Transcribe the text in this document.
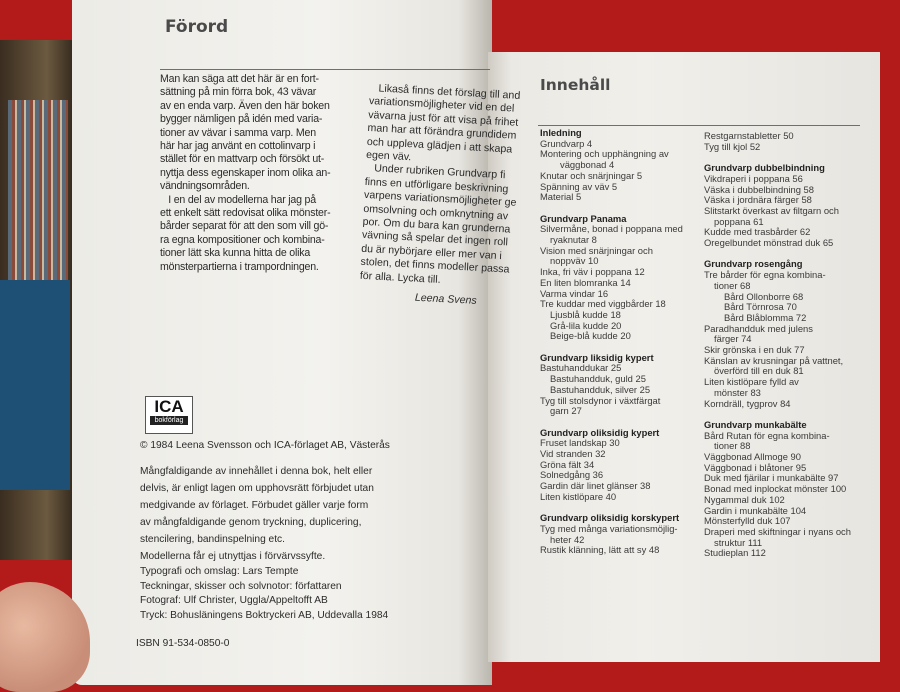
Förord
Man kan säga att det här är en fort-
sättning på min förra bok, 43 vävar
av en enda varp. Även den här boken
bygger nämligen på idén med varia-
tioner av vävar i samma varp. Men
här har jag använt en cottolinvarp i
stället för en mattvarp och försökt ut-
nyttja dess egenskaper inom olika an-
vändningsområden.
I en del av modellerna har jag på
ett enkelt sätt redovisat olika mönster-
bårder separat för att den som vill gö-
ra egna kompositioner och kombina-
tioner lätt ska kunna hitta de olika
mönsterpartierna i trampordningen.
Likaså finns det förslag till and
variationsmöjligheter vid en del
vävarna just för att visa på frihet
man har att förändra grundidem
och uppleva glädjen i att skapa
egen väv.
Under rubriken Grundvarp fi
finns en utförligare beskrivning
varpens variationsmöjligheter ge
omsolvning och omknytning av
por. Om du bara kan grunderna
vävning så spelar det ingen roll
du är nybörjare eller mer van i
stolen, det finns modeller passa
för alla. Lycka till.

Leena Svens
ICA
bokförlag
© 1984 Leena Svensson och ICA-förlaget AB, Västerås
Mångfaldigande av innehållet i denna bok, helt eller
delvis, är enligt lagen om upphovsrätt förbjudet utan
medgivande av förlaget. Förbudet gäller varje form
av mångfaldigande genom tryckning, duplicering,
stencilering, bandinspelning etc.
Modellerna får ej utnyttjas i förvärvssyfte.
Typografi och omslag: Lars Tempte
Teckningar, skisser och solvnotor: författaren
Fotograf: Ulf Christer, Uggla/Appeltofft AB
Tryck: Bohusläningens Boktryckeri AB, Uddevalla 1984
ISBN 91-534-0850-0
Innehåll
Inledning
Grundvarp 4
Montering och upphängning av
väggbonad 4
Knutar och snärjningar 5
Spänning av väv 5
Material 5
Grundvarp Panama
Silvermåne, bonad i poppana med
ryaknutar 8
Vision med snärjningar och
noppväv 10
Inka, fri väv i poppana 12
En liten blomranka 14
Varma vindar 16
Tre kuddar med viggbårder 18
Ljusblå kudde 18
Grå-lila kudde 20
Beige-blå kudde 20
Grundvarp liksidig kypert
Bastuhanddukar 25
Bastuhandduk, guld 25
Bastuhandduk, silver 25
Tyg till stolsdynor i växtfärgat
garn 27
Grundvarp oliksidig kypert
Fruset landskap 30
Vid stranden 32
Gröna fält 34
Solnedgång 36
Gardin där linet glänser 38
Liten kistlöpare 40
Grundvarp oliksidig korskypert
Tyg med många variationsmöjlig-
heter 42
Rustik klänning, lätt att sy 48
Restgarnstabletter 50
Tyg till kjol 52
Grundvarp dubbelbindning
Vikdraperi i poppana 56
Väska i dubbelbindning 58
Väska i jordnära färger 58
Slitstarkt överkast av filtgarn och
poppana 61
Kudde med trasbårder 62
Oregelbundet mönstrad duk 65
Grundvarp rosengång
Tre bårder för egna kombina-
tioner 68
Bård Ollonborre 68
Bård Törnrosa 70
Bård Blåblomma 72
Paradhandduk med julens
färger 74
Skir grönska i en duk 77
Känslan av krusningar på vattnet,
överförd till en duk 81
Liten kistlöpare fylld av
mönster 83
Korndräll, tygprov 84
Grundvarp munkabälte
Bård Rutan för egna kombina-
tioner 88
Väggbonad Allmoge 90
Väggbonad i blåtoner 95
Duk med fjärilar i munkabälte 97
Bonad med inplockat mönster 100
Nygammal duk 102
Gardin i munkabälte 104
Mönsterfylld duk 107
Draperi med skiftningar i nyans och
struktur 111
Studieplan 112
